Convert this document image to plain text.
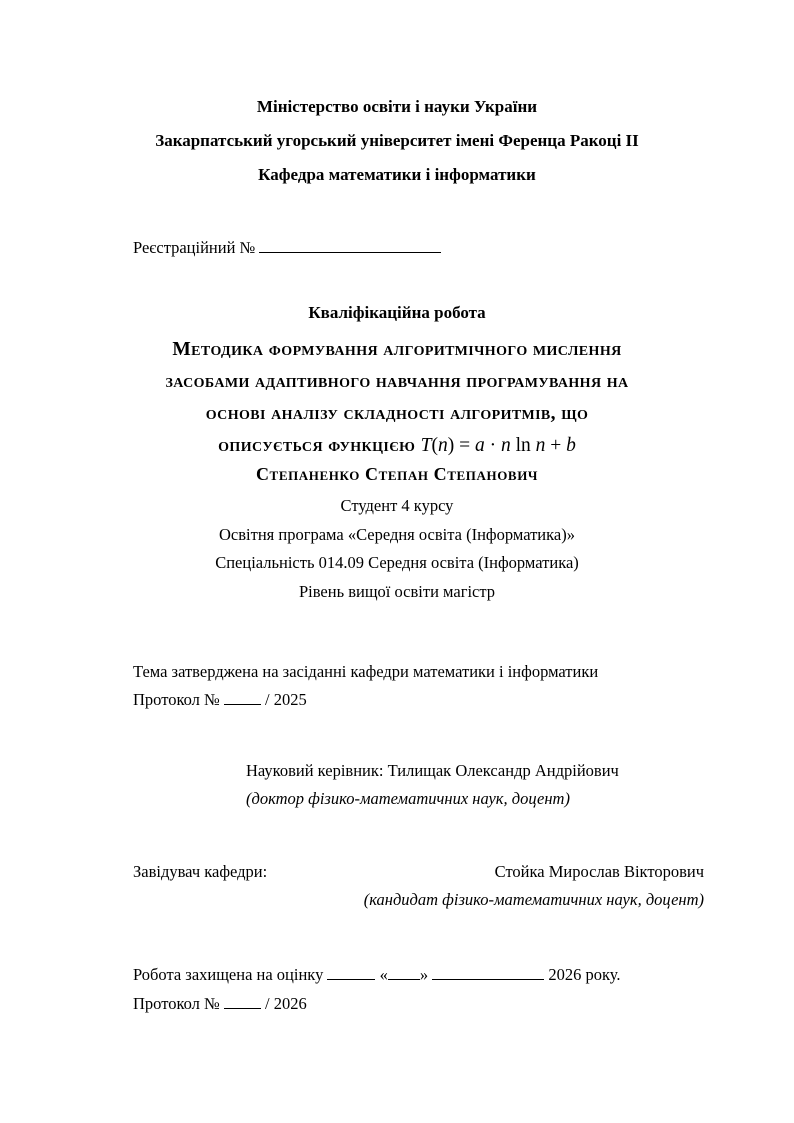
Міністерство освіти і науки України
Закарпатський угорський університет імені Ференца Ракоці II
Кафедра математики і інформатики
Реєстраційний №
Кваліфікаційна робота
Методика формування алгоритмічного мислення
засобами адаптивного навчання програмування на
основі аналізу складності алгоритмів, що
описується функцією T(n) = a · n ln n + b
Степаненко Степан Степанович
Студент 4 курсу
Освітня програма «Середня освіта (Інформатика)»
Спеціальність 014.09 Середня освіта (Інформатика)
Рівень вищої освіти магістр
Тема затверджена на засіданні кафедри математики і інформатики
Протокол №	/ 2025
Науковий керівник: Тилищак Олександр Андрійович
(доктор фізико-математичних наук, доцент)
Завідувач кафедри:	Стойка Мирослав Вікторович
(кандидат фізико-математичних наук, доцент)
Робота захищена на оцінку	« »	2026 року.
Протокол №	/ 2026
